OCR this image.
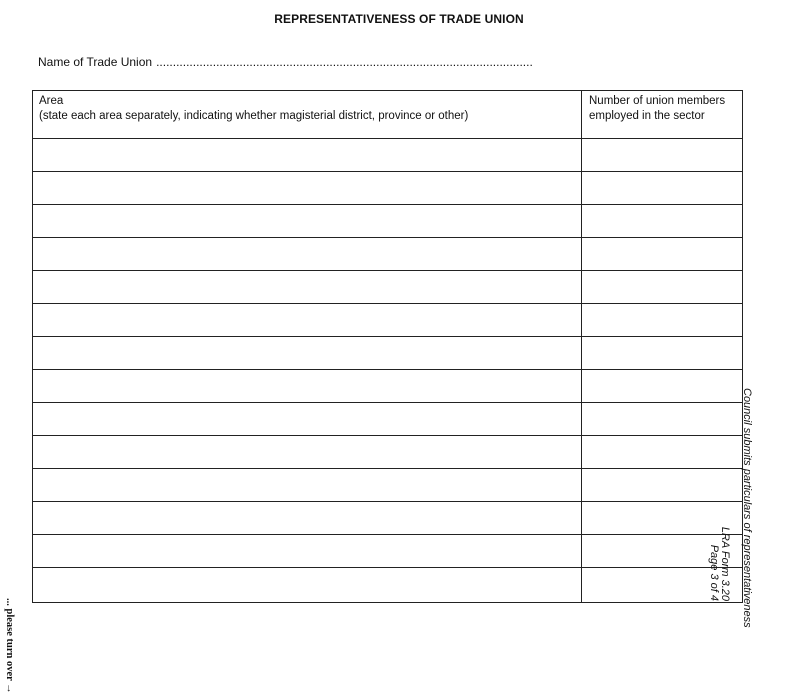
REPRESENTATIVENESS OF TRADE UNION
Name of Trade Union .................................................................................................................
Area
(state each area separately, indicating whether magisterial district, province or other)
Number of union members
employed in the sector
... please turn over →
Council submits particulars of representativeness
LRA Form 3.20
Page 3 of 4
